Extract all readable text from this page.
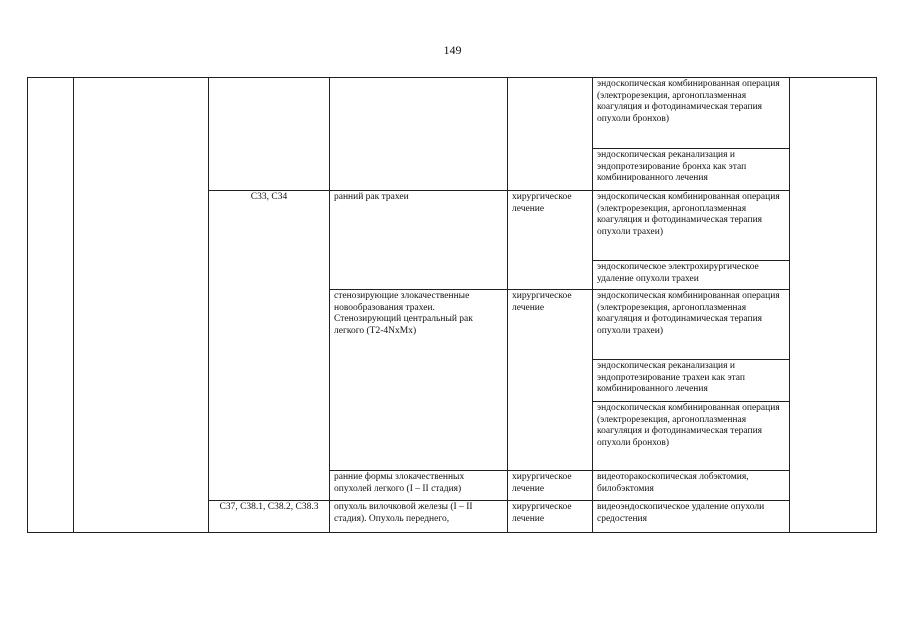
149
					эндоскопическая комбинированная операция (электрорезекция, аргоноплазменная коагуляция и фотодинамическая терапия опухоли бронхов)	
					эндоскопическая реканализация и эндопротезирование бронха как этап комбинированного лечения	
		C33, C34	ранний рак трахеи	хирургическое лечение	эндоскопическая комбинированная операция (электрорезекция, аргоноплазменная коагуляция и фотодинамическая терапия опухоли трахеи)	
					эндоскопическое электрохирургическое удаление опухоли трахеи	
			стенозирующие злокачественные новообразования трахеи. Стенозирующий центральный рак легкого (T2-4NxMx)	хирургическое лечение	эндоскопическая комбинированная операция (электрорезекция, аргоноплазменная коагуляция и фотодинамическая терапия опухоли трахеи)	
					эндоскопическая реканализация и эндопротезирование трахеи как этап комбинированного лечения	
					эндоскопическая комбинированная операция (электрорезекция, аргоноплазменная коагуляция и фотодинамическая терапия опухоли бронхов)	
			ранние формы злокачественных опухолей легкого (I – II стадия)	хирургическое лечение	видеоторакоскопическая лобэктомия, билобэктомия	
		C37, C38.1, C38.2, C38.3	опухоль вилочковой железы (I – II стадия). Опухоль переднего,	хирургическое лечение	видеоэндоскопическое удаление опухоли средостения	
